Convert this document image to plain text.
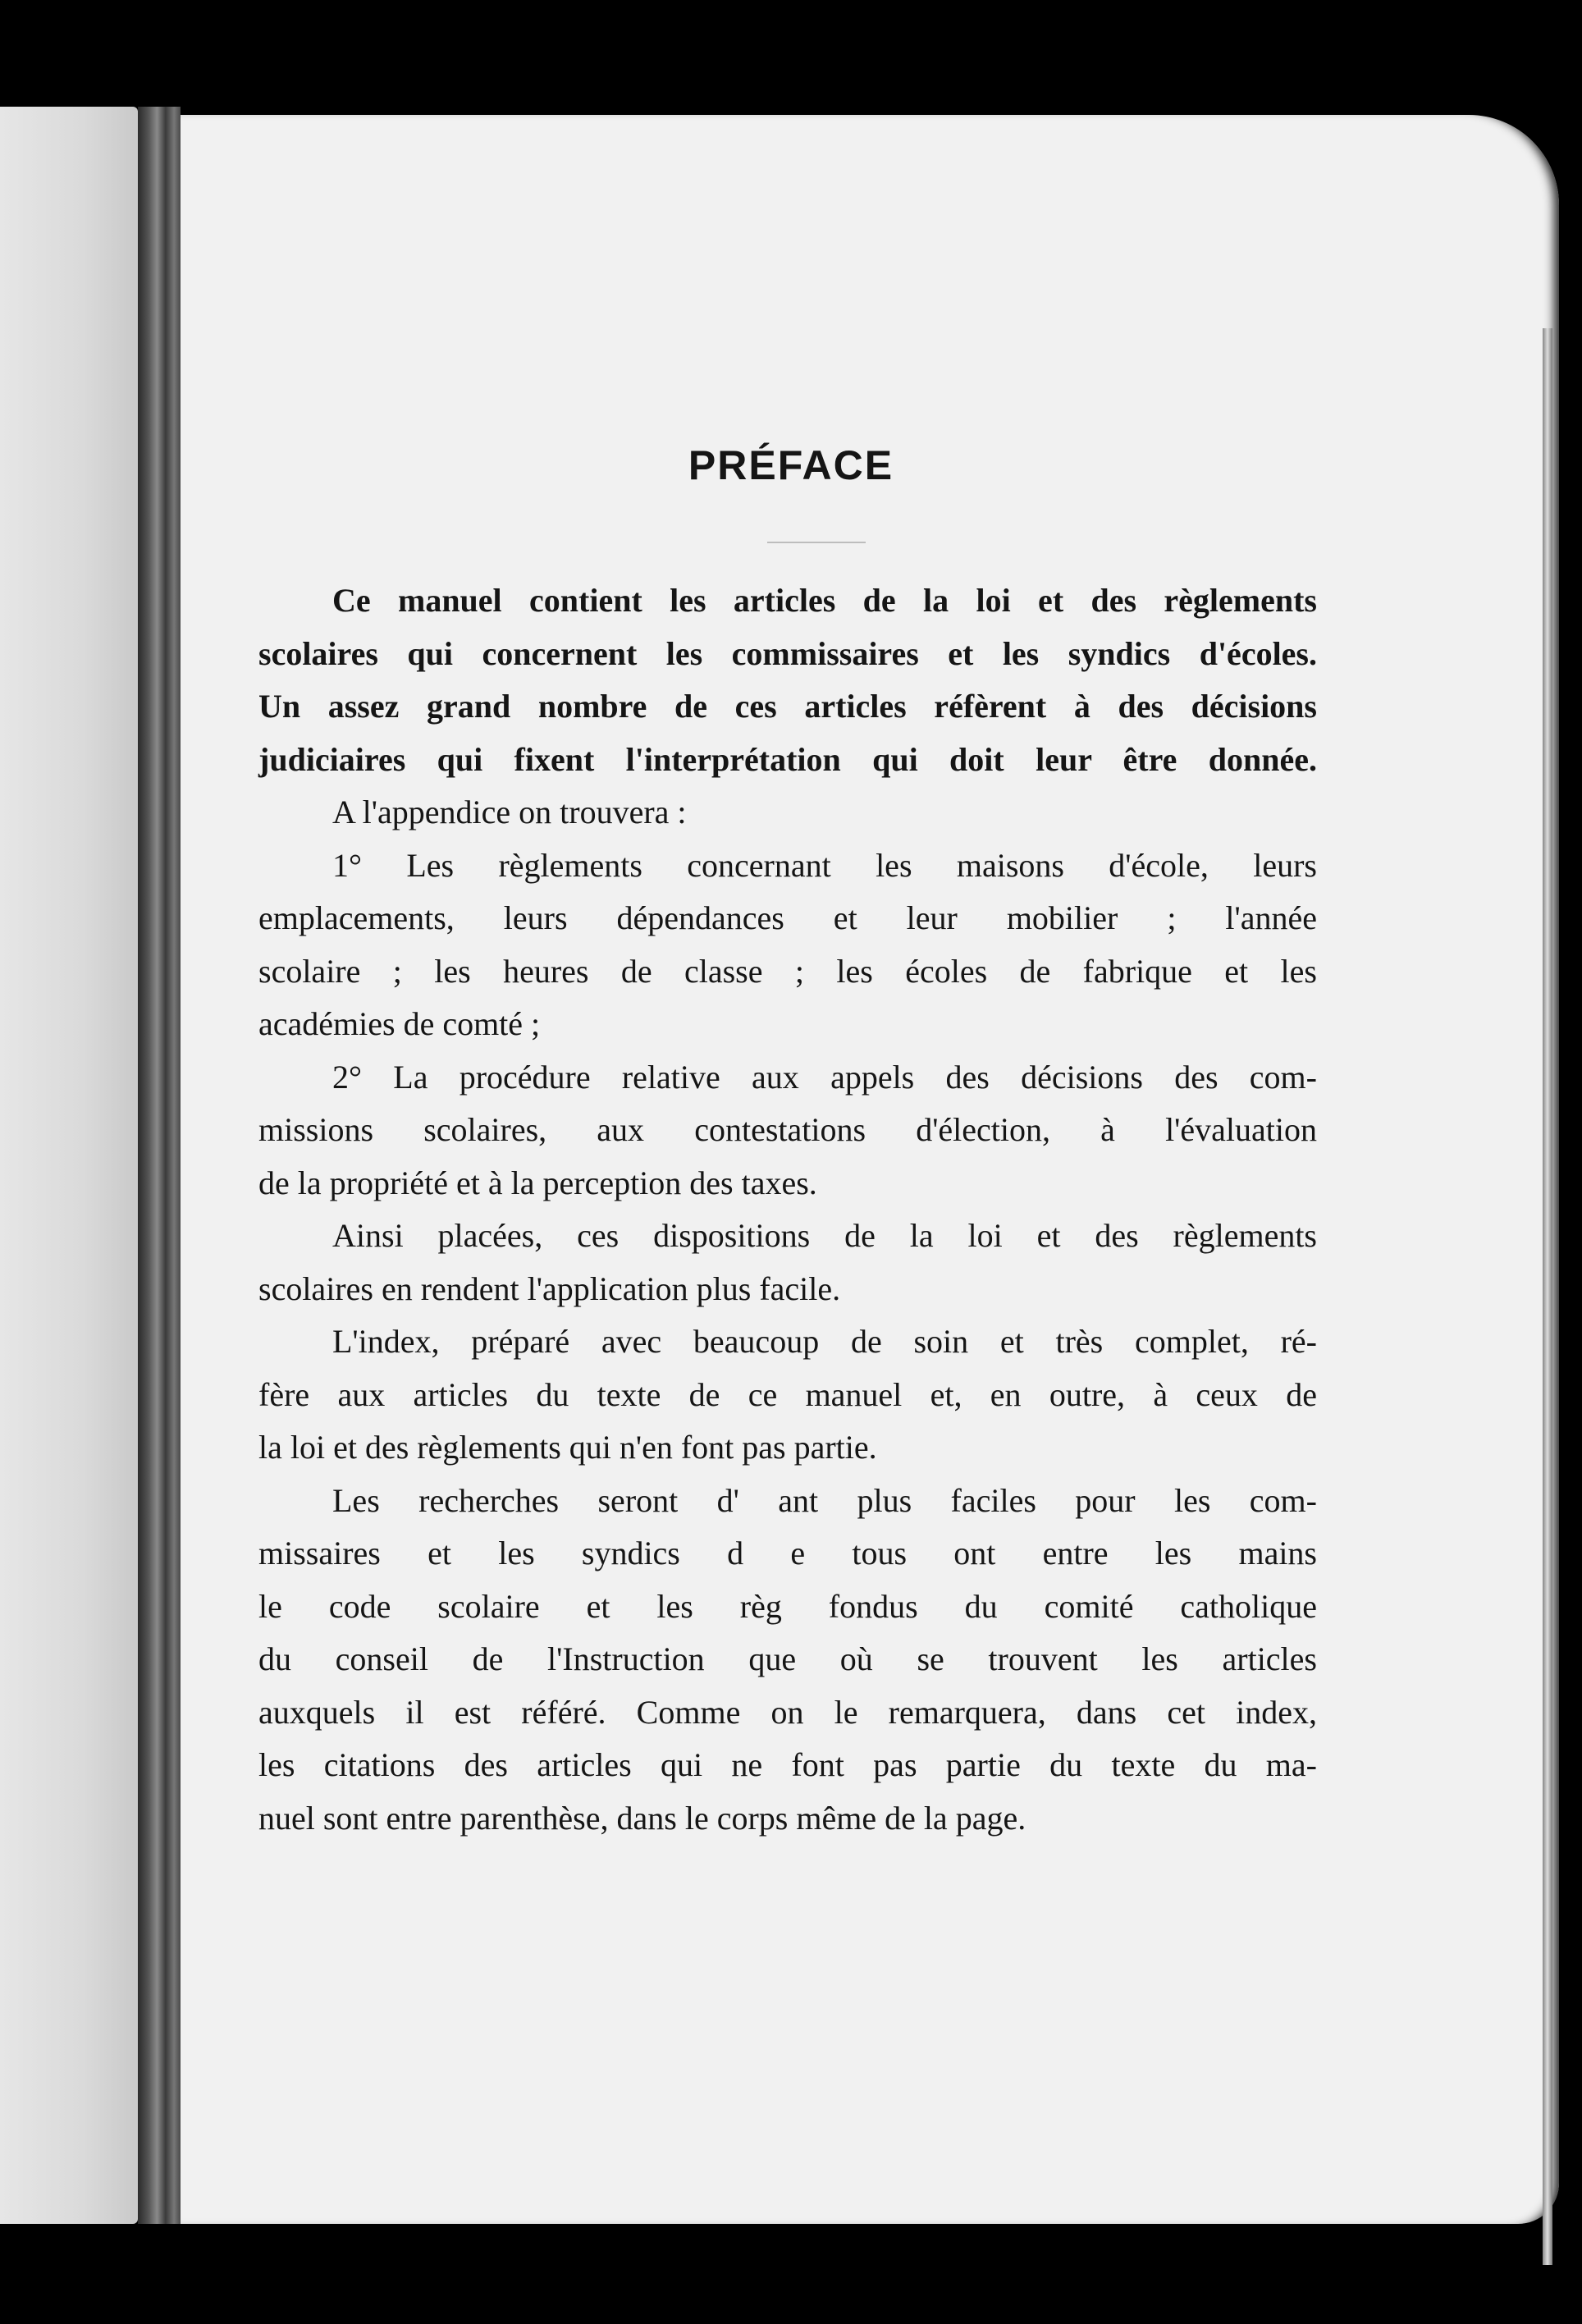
PRÉFACE
Ce manuel contient les articles de la loi et des règlements
scolaires qui concernent les commissaires et les syndics d'écoles.
Un assez grand nombre de ces articles réfèrent à des décisions
judiciaires qui fixent l'interprétation qui doit leur être donnée.
A l'appendice on trouvera :
1° Les règlements concernant les maisons d'école, leurs
emplacements, leurs dépendances et leur mobilier ; l'année
scolaire ; les heures de classe ; les écoles de fabrique et les
académies de comté ;
2° La procédure relative aux appels des décisions des com-
missions scolaires, aux contestations d'élection, à l'évaluation
de la propriété et à la perception des taxes.
Ainsi placées, ces dispositions de la loi et des règlements
scolaires en rendent l'application plus facile.
L'index, préparé avec beaucoup de soin et très complet, ré-
fère aux articles du texte de ce manuel et, en outre, à ceux de
la loi et des règlements qui n'en font pas partie.
Les recherches seront d' ant plus faciles pour les com-
missaires et les syndics d e tous ont entre les mains
le code scolaire et les règ fondus du comité catholique
du conseil de l'Instruction que où se trouvent les articles
auxquels il est référé. Comme on le remarquera, dans cet index,
les citations des articles qui ne font pas partie du texte du ma-
nuel sont entre parenthèse, dans le corps même de la page.
